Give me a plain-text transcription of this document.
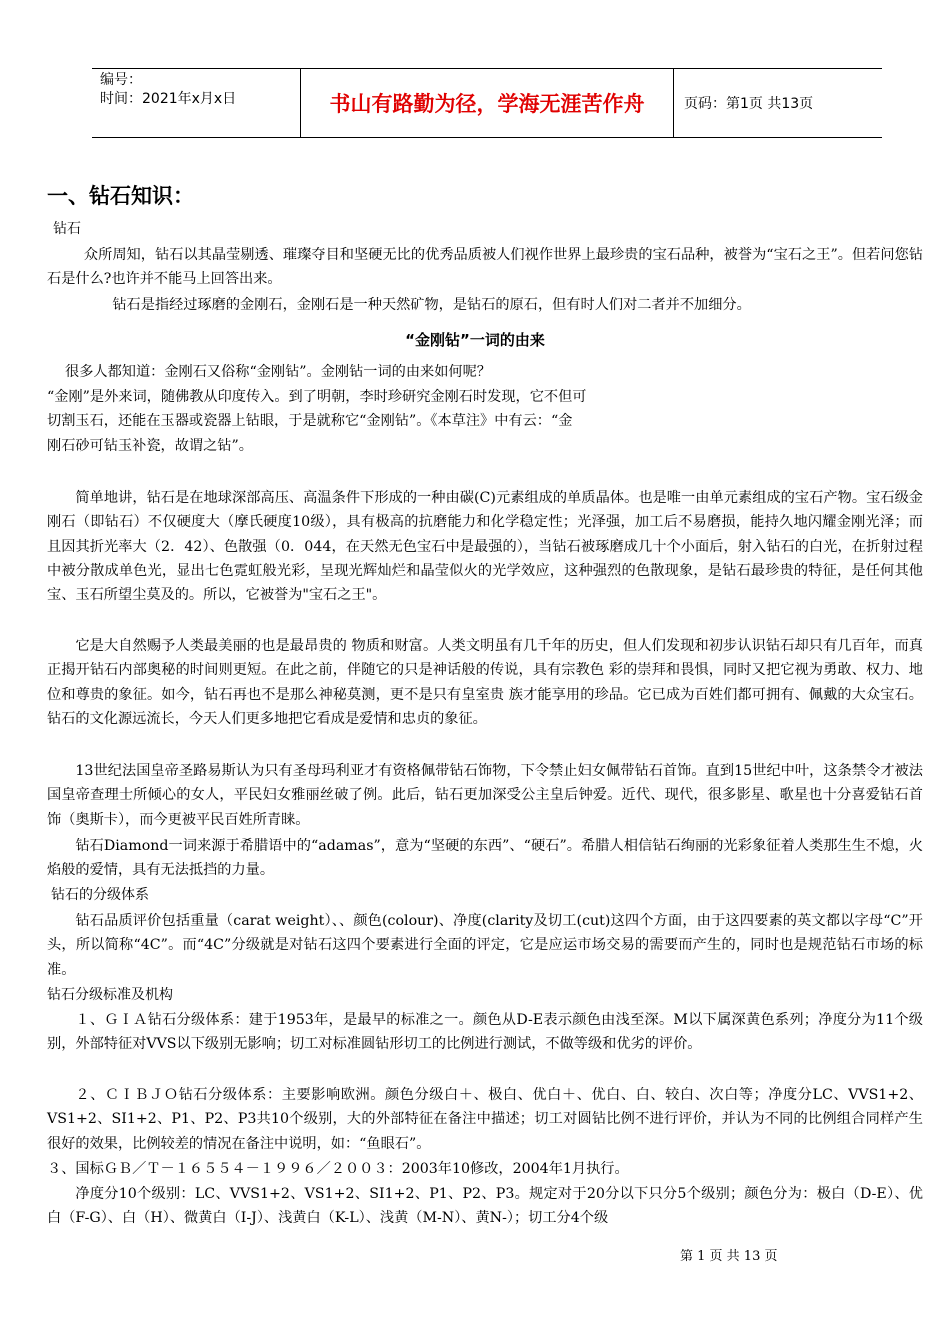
编号：
时间：2021年x月x日	书山有路勤为径，学海无涯苦作舟	页码：第1页 共13页
一、钻石知识：
钻石
众所周知，钻石以其晶莹剔透、璀璨夺目和坚硬无比的优秀品质被人们视作世界上最珍贵的宝石品种，被誉为“宝石之王”。但若问您钻石是什么?也许并不能马上回答出来。
钻石是指经过琢磨的金刚石，金刚石是一种天然矿物，是钻石的原石，但有时人们对二者并不加细分。
“金刚钻”一词的由来
很多人都知道：金刚石又俗称“金刚钻”。金刚钻一词的由来如何呢？
“金刚”是外来词，随佛教从印度传入。到了明朝，李时珍研究金刚石时发现，它不但可
切割玉石，还能在玉器或瓷器上钻眼，于是就称它“金刚钻”。《本草注》中有云：“金
刚石砂可钻玉补瓷，故谓之钻”。
简单地讲，钻石是在地球深部高压、高温条件下形成的一种由碳(C)元素组成的单质晶体。也是唯一由单元素组成的宝石产物。宝石级金刚石（即钻石）不仅硬度大（摩氏硬度10级），具有极高的抗磨能力和化学稳定性；光泽强，加工后不易磨损，能持久地闪耀金刚光泽；而且因其折光率大（2．42）、色散强（0．044，在天然无色宝石中是最强的），当钻石被琢磨成几十个小面后，射入钻石的白光，在折射过程中被分散成单色光，显出七色霓虹般光彩，呈现光辉灿烂和晶莹似火的光学效应，这种强烈的色散现象，是钻石最珍贵的特征，是任何其他宝、玉石所望尘莫及的。所以，它被誉为"宝石之王"。
它是大自然赐予人类最美丽的也是最昂贵的 物质和财富。人类文明虽有几千年的历史，但人们发现和初步认识钻石却只有几百年，而真正揭开钻石内部奥秘的时间则更短。在此之前，伴随它的只是神话般的传说，具有宗教色 彩的崇拜和畏惧，同时又把它视为勇敢、权力、地位和尊贵的象征。如今，钻石再也不是那么神秘莫测，更不是只有皇室贵 族才能享用的珍品。它已成为百姓们都可拥有、佩戴的大众宝石。钻石的文化源远流长，今天人们更多地把它看成是爱情和忠贞的象征。
13世纪法国皇帝圣路易斯认为只有圣母玛利亚才有资格佩带钻石饰物，下令禁止妇女佩带钻石首饰。直到15世纪中叶，这条禁令才被法国皇帝查理士所倾心的女人，平民妇女雅丽丝破了例。此后，钻石更加深受公主皇后钟爱。近代、现代，很多影星、歌星也十分喜爱钻石首饰（奥斯卡），而今更被平民百姓所青睐。
钻石Diamond一词来源于希腊语中的“adamas”，意为“坚硬的东西”、“硬石”。希腊人相信钻石绚丽的光彩象征着人类那生生不熄，火焰般的爱情，具有无法抵挡的力量。
钻石的分级体系
钻石品质评价包括重量（carat weight）、、颜色(colour)、净度(clarity及切工(cut)这四个方面，由于这四要素的英文都以字母“C”开头，所以简称“4C”。而“4C”分级就是对钻石这四个要素进行全面的评定，它是应运市场交易的需要而产生的，同时也是规范钻石市场的标准。
钻石分级标准及机构
１、ＧＩＡ钻石分级体系：建于1953年，是最早的标准之一。颜色从D-E表示颜色由浅至深。M以下属深黄色系列；净度分为11个级别，外部特征对VVS以下级别无影响；切工对标准圆钻形切工的比例进行测试，不做等级和优劣的评价。
２、ＣＩＢＪＯ钻石分级体系：主要影响欧洲。颜色分级白＋、极白、优白＋、优白、白、较白、次白等；净度分LC、VVS1+2、VS1+2、SI1+2、P1、P2、P3共10个级别，大的外部特征在备注中描述；切工对圆钻比例不进行评价，并认为不同的比例组合同样产生很好的效果，比例较差的情况在备注中说明，如：“鱼眼石”。
３、国标ＧＢ／Ｔ－１６５５４－１９９６／２００３：2003年10修改，2004年1月执行。
净度分10个级别：LC、VVS1+2、VS1+2、SI1+2、P1、P2、P3。规定对于20分以下只分5个级别；颜色分为：极白（D-E）、优白（F-G）、白（H）、微黄白（I-J）、浅黄白（K-L）、浅黄（M-N）、黄N-）；切工分4个级
第 1 页 共 13 页
